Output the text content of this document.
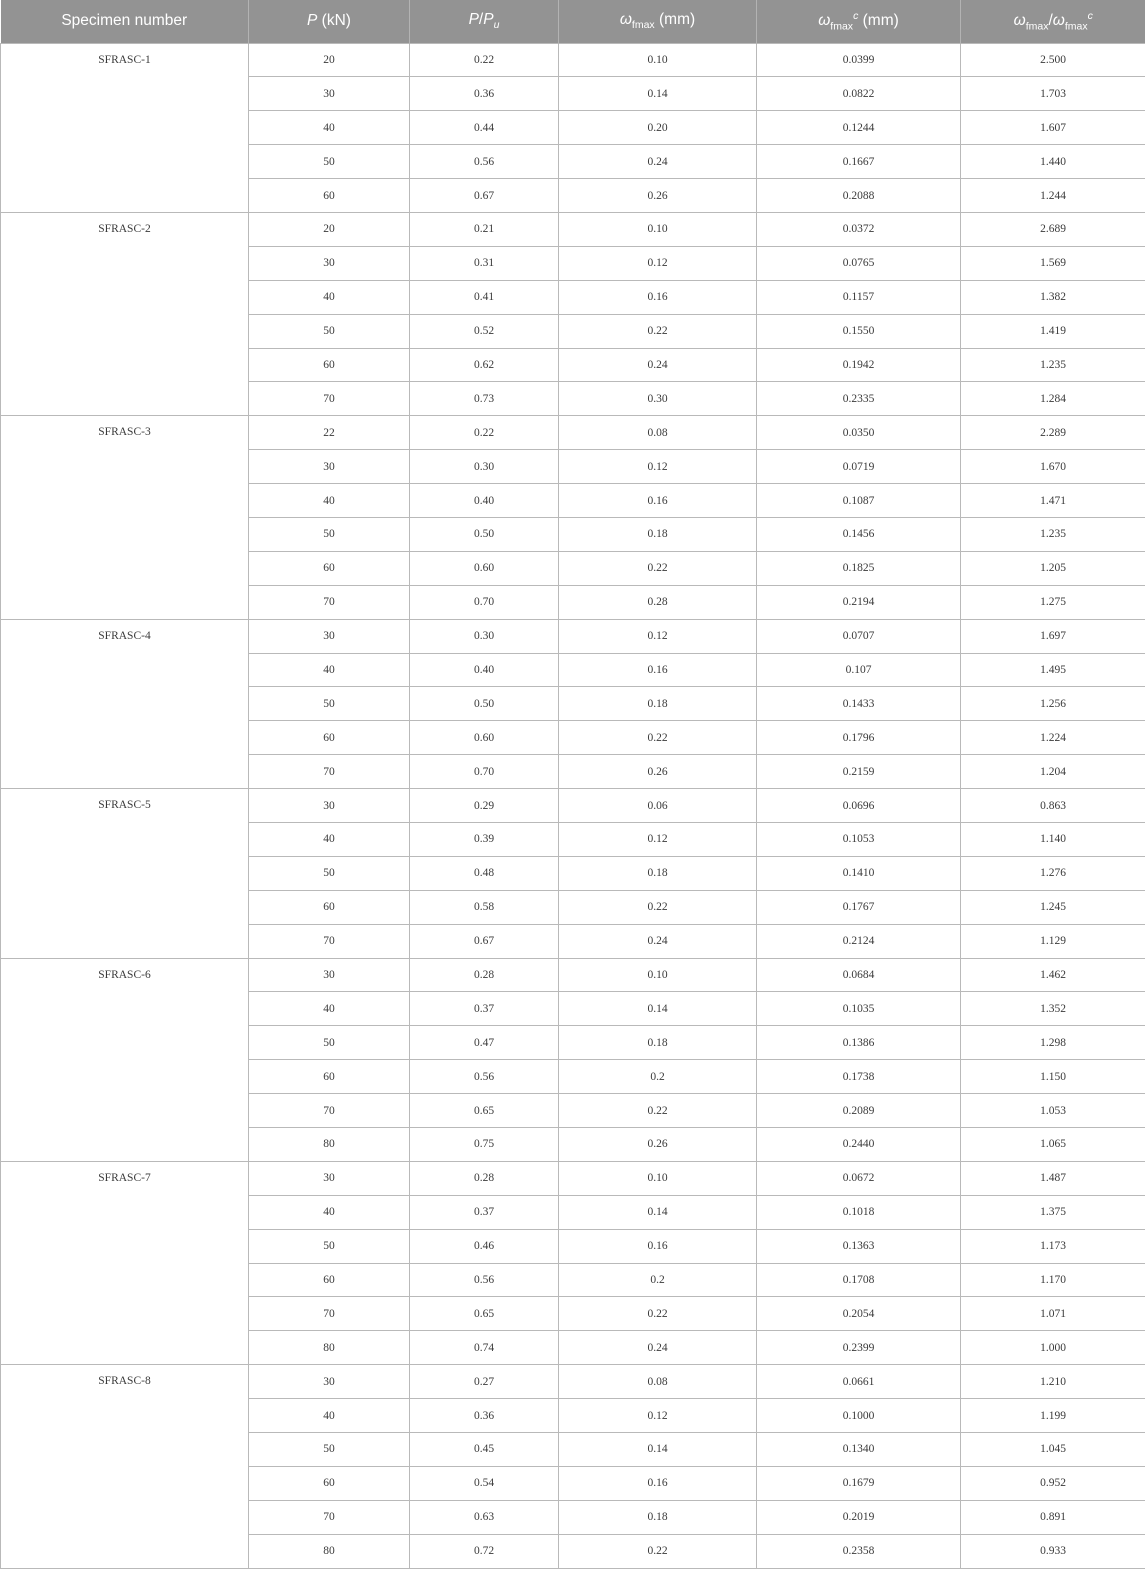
Specimen number	P (kN)	$P/P_u$	$\omega_{fmax}$ (mm)	$\omega_{fmax}^c$ (mm)	$\omega_{fmax}/\omega_{fmax}^c$
SFRASC-1	20	0.22	0.10	0.0399	2.500
	30	0.36	0.14	0.0822	1.703
	40	0.44	0.20	0.1244	1.607
	50	0.56	0.24	0.1667	1.440
	60	0.67	0.26	0.2088	1.244
SFRASC-2	20	0.21	0.10	0.0372	2.689
	30	0.31	0.12	0.0765	1.569
	40	0.41	0.16	0.1157	1.382
	50	0.52	0.22	0.1550	1.419
	60	0.62	0.24	0.1942	1.235
	70	0.73	0.30	0.2335	1.284
SFRASC-3	22	0.22	0.08	0.0350	2.289
	30	0.30	0.12	0.0719	1.670
	40	0.40	0.16	0.1087	1.471
	50	0.50	0.18	0.1456	1.235
	60	0.60	0.22	0.1825	1.205
	70	0.70	0.28	0.2194	1.275
SFRASC-4	30	0.30	0.12	0.0707	1.697
	40	0.40	0.16	0.107	1.495
	50	0.50	0.18	0.1433	1.256
	60	0.60	0.22	0.1796	1.224
	70	0.70	0.26	0.2159	1.204
SFRASC-5	30	0.29	0.06	0.0696	0.863
	40	0.39	0.12	0.1053	1.140
	50	0.48	0.18	0.1410	1.276
	60	0.58	0.22	0.1767	1.245
	70	0.67	0.24	0.2124	1.129
SFRASC-6	30	0.28	0.10	0.0684	1.462
	40	0.37	0.14	0.1035	1.352
	50	0.47	0.18	0.1386	1.298
	60	0.56	0.2	0.1738	1.150
	70	0.65	0.22	0.2089	1.053
	80	0.75	0.26	0.2440	1.065
SFRASC-7	30	0.28	0.10	0.0672	1.487
	40	0.37	0.14	0.1018	1.375
	50	0.46	0.16	0.1363	1.173
	60	0.56	0.2	0.1708	1.170
	70	0.65	0.22	0.2054	1.071
	80	0.74	0.24	0.2399	1.000
SFRASC-8	30	0.27	0.08	0.0661	1.210
	40	0.36	0.12	0.1000	1.199
	50	0.45	0.14	0.1340	1.045
	60	0.54	0.16	0.1679	0.952
	70	0.63	0.18	0.2019	0.891
	80	0.72	0.22	0.2358	0.933
